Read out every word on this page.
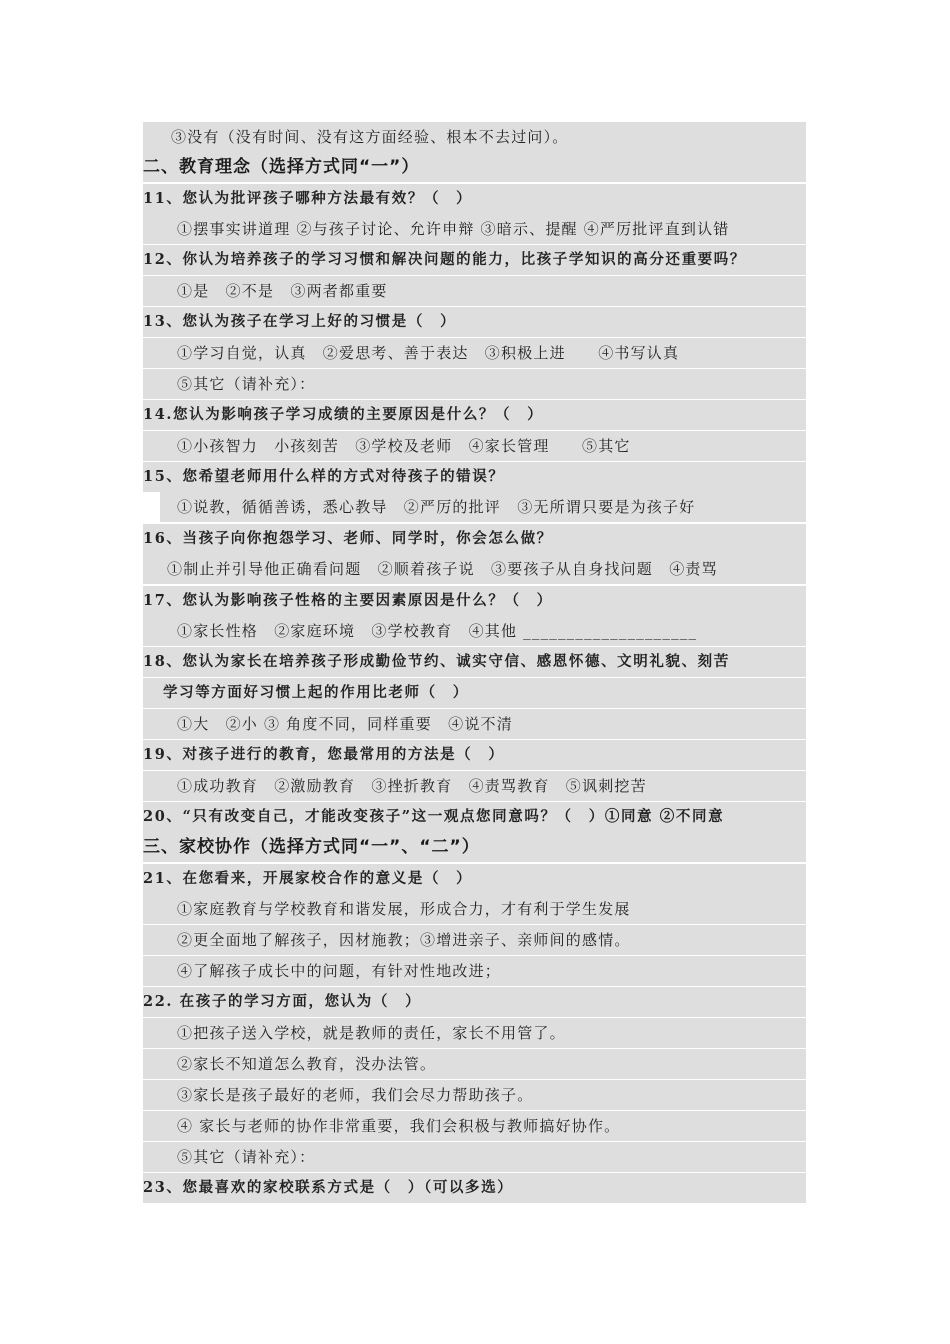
③没有（没有时间、没有这方面经验、根本不去过问）。
二、教育理念（选择方式同“一”）
11、您认为批评孩子哪种方法最有效？（　）
①摆事实讲道理 ②与孩子讨论、允许申辩 ③暗示、提醒 ④严厉批评直到认错
12、你认为培养孩子的学习习惯和解决问题的能力，比孩子学知识的高分还重要吗？
①是　②不是　③两者都重要
13、您认为孩子在学习上好的习惯是（　）
①学习自觉，认真　②爱思考、善于表达　③积极上进　　④书写认真
⑤其它（请补充）：
14.您认为影响孩子学习成绩的主要原因是什么？（　）
①小孩智力　小孩刻苦　③学校及老师　④家长管理　　⑤其它
15、您希望老师用什么样的方式对待孩子的错误？
①说教，循循善诱，悉心教导　②严厉的批评　③无所谓只要是为孩子好
16、当孩子向你抱怨学习、老师、同学时，你会怎么做？
①制止并引导他正确看问题　②顺着孩子说　③要孩子从自身找问题　④责骂
17、您认为影响孩子性格的主要因素原因是什么？（　）
①家长性格　②家庭环境　③学校教育　④其他 ____________________
18、您认为家长在培养孩子形成勤俭节约、诚实守信、感恩怀德、文明礼貌、刻苦
学习等方面好习惯上起的作用比老师（　）
①大　②小 ③ 角度不同，同样重要　④说不清
19、对孩子进行的教育，您最常用的方法是（　）
①成功教育　②激励教育　③挫折教育　④责骂教育　⑤讽刺挖苦
20、“只有改变自己，才能改变孩子”这一观点您同意吗？（　）①同意 ②不同意
三、家校协作（选择方式同“一”、“二”）
21、在您看来，开展家校合作的意义是（　）
①家庭教育与学校教育和谐发展，形成合力，才有利于学生发展
②更全面地了解孩子，因材施教；③增进亲子、亲师间的感情。
④了解孩子成长中的问题，有针对性地改进；
22. 在孩子的学习方面，您认为（　）
①把孩子送入学校，就是教师的责任，家长不用管了。
②家长不知道怎么教育，没办法管。
③家长是孩子最好的老师，我们会尽力帮助孩子。
④ 家长与老师的协作非常重要，我们会积极与教师搞好协作。
⑤其它（请补充）：
23、您最喜欢的家校联系方式是（　）（可以多选）
